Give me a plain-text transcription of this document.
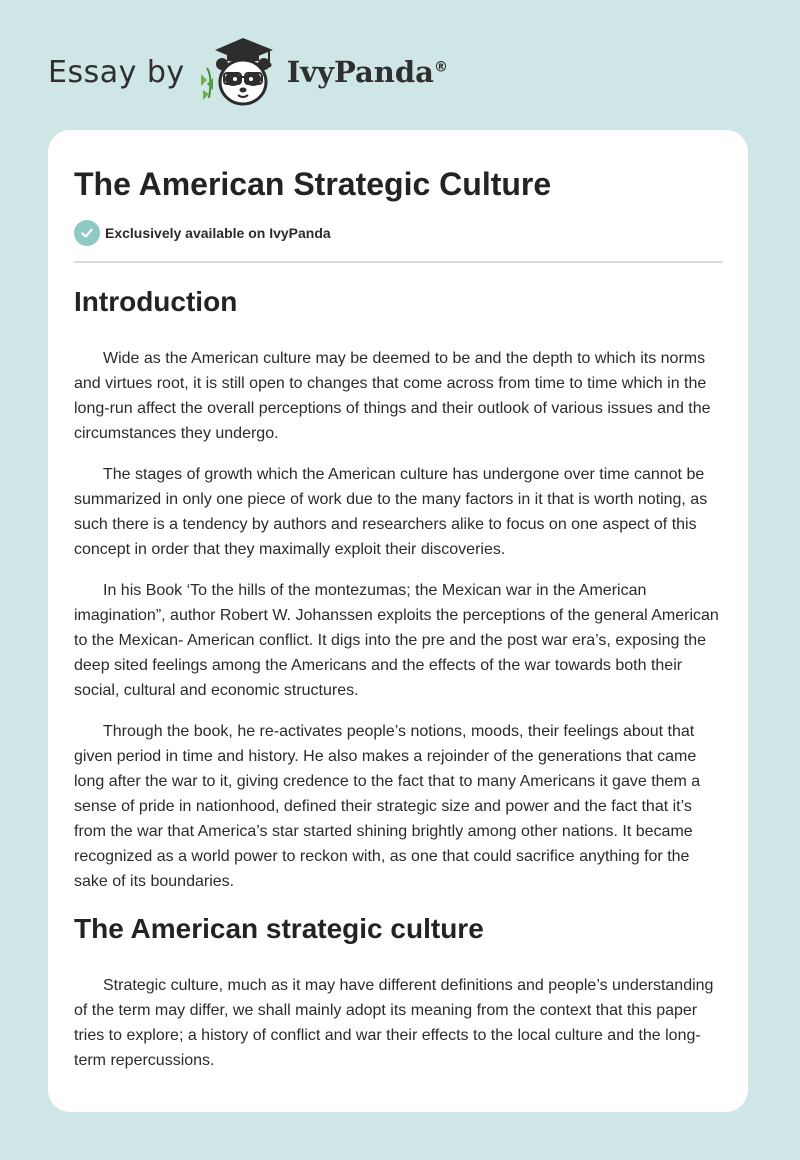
Essay by	IvyPanda®
The American Strategic Culture
Exclusively available on IvyPanda
Introduction

Wide as the American culture may be deemed to be and the depth to which its norms and virtues root, it is still open to changes that come across from time to time which in the long-run affect the overall perceptions of things and their outlook of various issues and the circumstances they undergo.

The stages of growth which the American culture has undergone over time cannot be summarized in only one piece of work due to the many factors in it that is worth noting, as such there is a tendency by authors and researchers alike to focus on one aspect of this concept in order that they maximally exploit their discoveries.

In his Book ‘To the hills of the montezumas; the Mexican war in the American imagination”, author Robert W. Johanssen exploits the perceptions of the general American to the Mexican- American conflict. It digs into the pre and the post war era’s, exposing the deep sited feelings among the Americans and the effects of the war towards both their social, cultural and economic structures.

Through the book, he re-activates people’s notions, moods, their feelings about that given period in time and history. He also makes a rejoinder of the generations that came long after the war to it, giving credence to the fact that to many Americans it gave them a sense of pride in nationhood, defined their strategic size and power and the fact that it’s from the war that America’s star started shining brightly among other nations. It became recognized as a world power to reckon with, as one that could sacrifice anything for the sake of its boundaries.

The American strategic culture

Strategic culture, much as it may have different definitions and people’s understanding of the term may differ, we shall mainly adopt its meaning from the context that this paper tries to explore; a history of conflict and war their effects to the local culture and the long- term repercussions.
